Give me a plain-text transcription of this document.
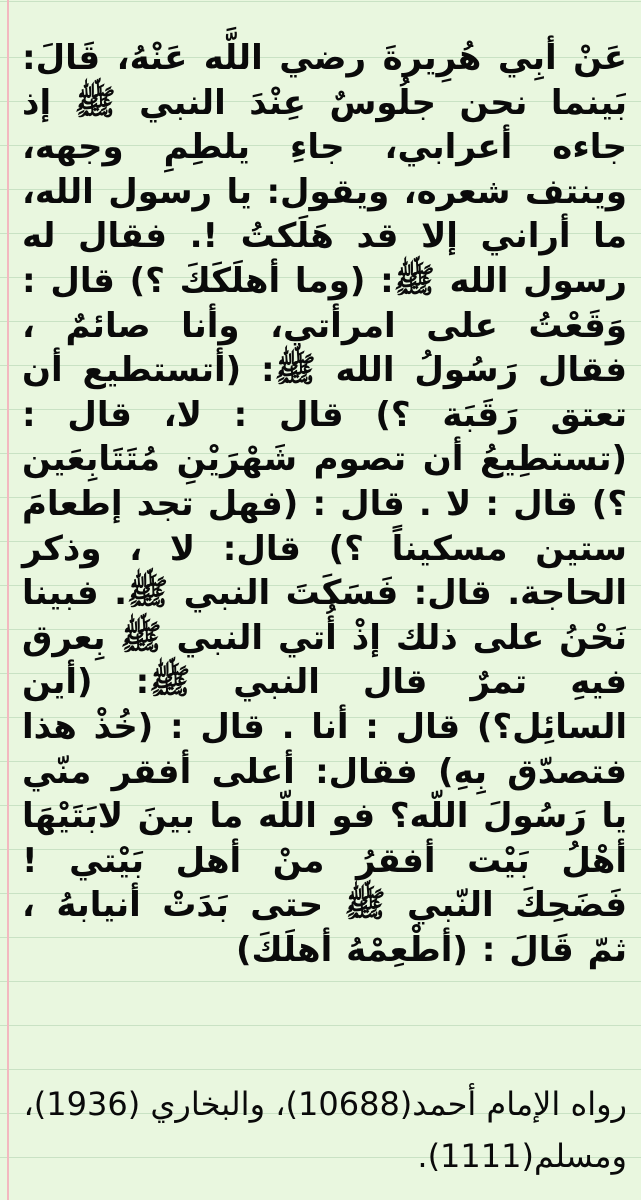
عَنْ أبِي هُرِيرةَ رضي اللَّه عَنْهُ، قَالَ: بَينما نحن جلُوسٌ عِنْدَ النبي ﷺ إذ جاءه أعرابي، جاءِ يلطِمِ وجهه، وينتف شعره، ويقول: يا رسول الله، ما أراني إلا قد هَلَكتُ !. فقال له رسول الله ﷺ: (وما أهلَكَكَ ؟) قال : وَقَعْتُ على امرأتي، وأنا صائمٌ ، فقال رَسُولُ الله ﷺ: (أتستطيع أن تعتق رَقَبَة ؟) قال : لا، قال : (تستطِيعُ أن تصوم شَهْرَيْنِ مُتَتَابِعَين ؟) قال : لا . قال : (فهل تجد إطعامَ ستين مسكيناً ؟) قال: لا ، وذكر الحاجة. قال: فَسَكَتَ النبي ﷺ. فبينا نَحْنُ على ذلك إذْ أُتي النبي ﷺ بِعرق فيهِ تمرٌ قال النبي ﷺ: (أين السائِل؟) قال : أنا . قال : (خُذْ هذا فتصدّق بِهِ) فقال: أعلى أفقر منّي يا رَسُولَ اللّه؟ فو اللّه ما بينَ لابَتَيْهَا أهْلُ بَيْت أفقرُ منْ أهل بَيْتي ! فَضَحِكَ النّبي ﷺ حتى بَدَتْ أنيابهُ ، ثمّ قَالَ : (أطْعِمْهُ أهلَكَ)

رواه الإمام أحمد(10688)، والبخاري (1936)، ومسلم(1111).
